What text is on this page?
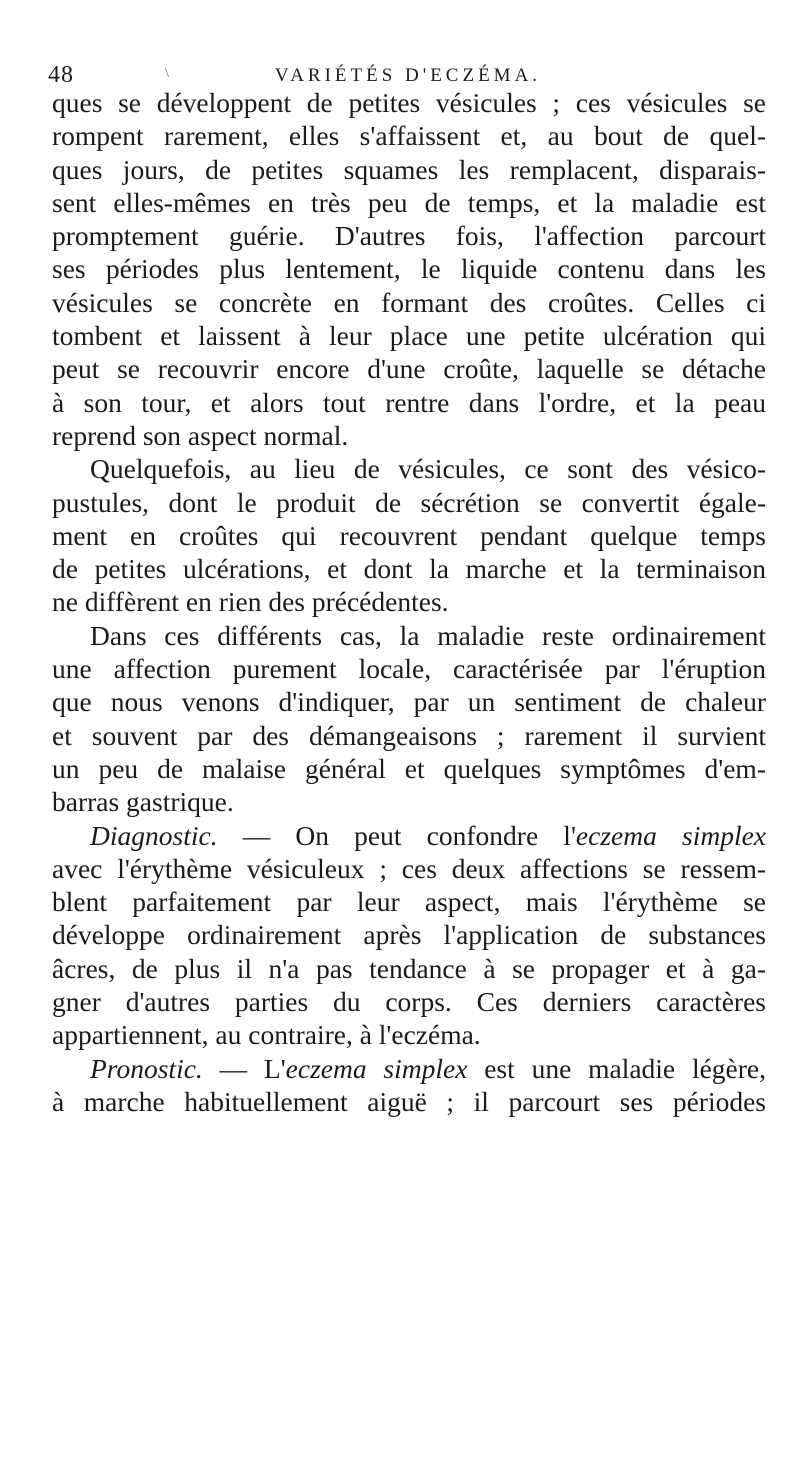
48	\	VARIÉTÉS D'ECZÉMA.
ques se développent de petites vésicules ; ces vésicules se
rompent rarement, elles s'affaissent et, au bout de quel-
ques jours, de petites squames les remplacent, disparais-
sent elles-mêmes en très peu de temps, et la maladie est
promptement guérie. D'autres fois, l'affection parcourt
ses périodes plus lentement, le liquide contenu dans les
vésicules se concrète en formant des croûtes. Celles ci
tombent et laissent à leur place une petite ulcération qui
peut se recouvrir encore d'une croûte, laquelle se détache
à son tour, et alors tout rentre dans l'ordre, et la peau
reprend son aspect normal.
Quelquefois, au lieu de vésicules, ce sont des vésico-
pustules, dont le produit de sécrétion se convertit égale-
ment en croûtes qui recouvrent pendant quelque temps
de petites ulcérations, et dont la marche et la terminaison
ne diffèrent en rien des précédentes.
Dans ces différents cas, la maladie reste ordinairement
une affection purement locale, caractérisée par l'éruption
que nous venons d'indiquer, par un sentiment de chaleur
et souvent par des démangeaisons ; rarement il survient
un peu de malaise général et quelques symptômes d'em-
barras gastrique.
Diagnostic. — On peut confondre l'eczema simplex
avec l'érythème vésiculeux ; ces deux affections se ressem-
blent parfaitement par leur aspect, mais l'érythème se
développe ordinairement après l'application de substances
âcres, de plus il n'a pas tendance à se propager et à ga-
gner d'autres parties du corps. Ces derniers caractères
appartiennent, au contraire, à l'eczéma.
Pronostic. — L'eczema simplex est une maladie légère,
à marche habituellement aiguë ; il parcourt ses périodes
